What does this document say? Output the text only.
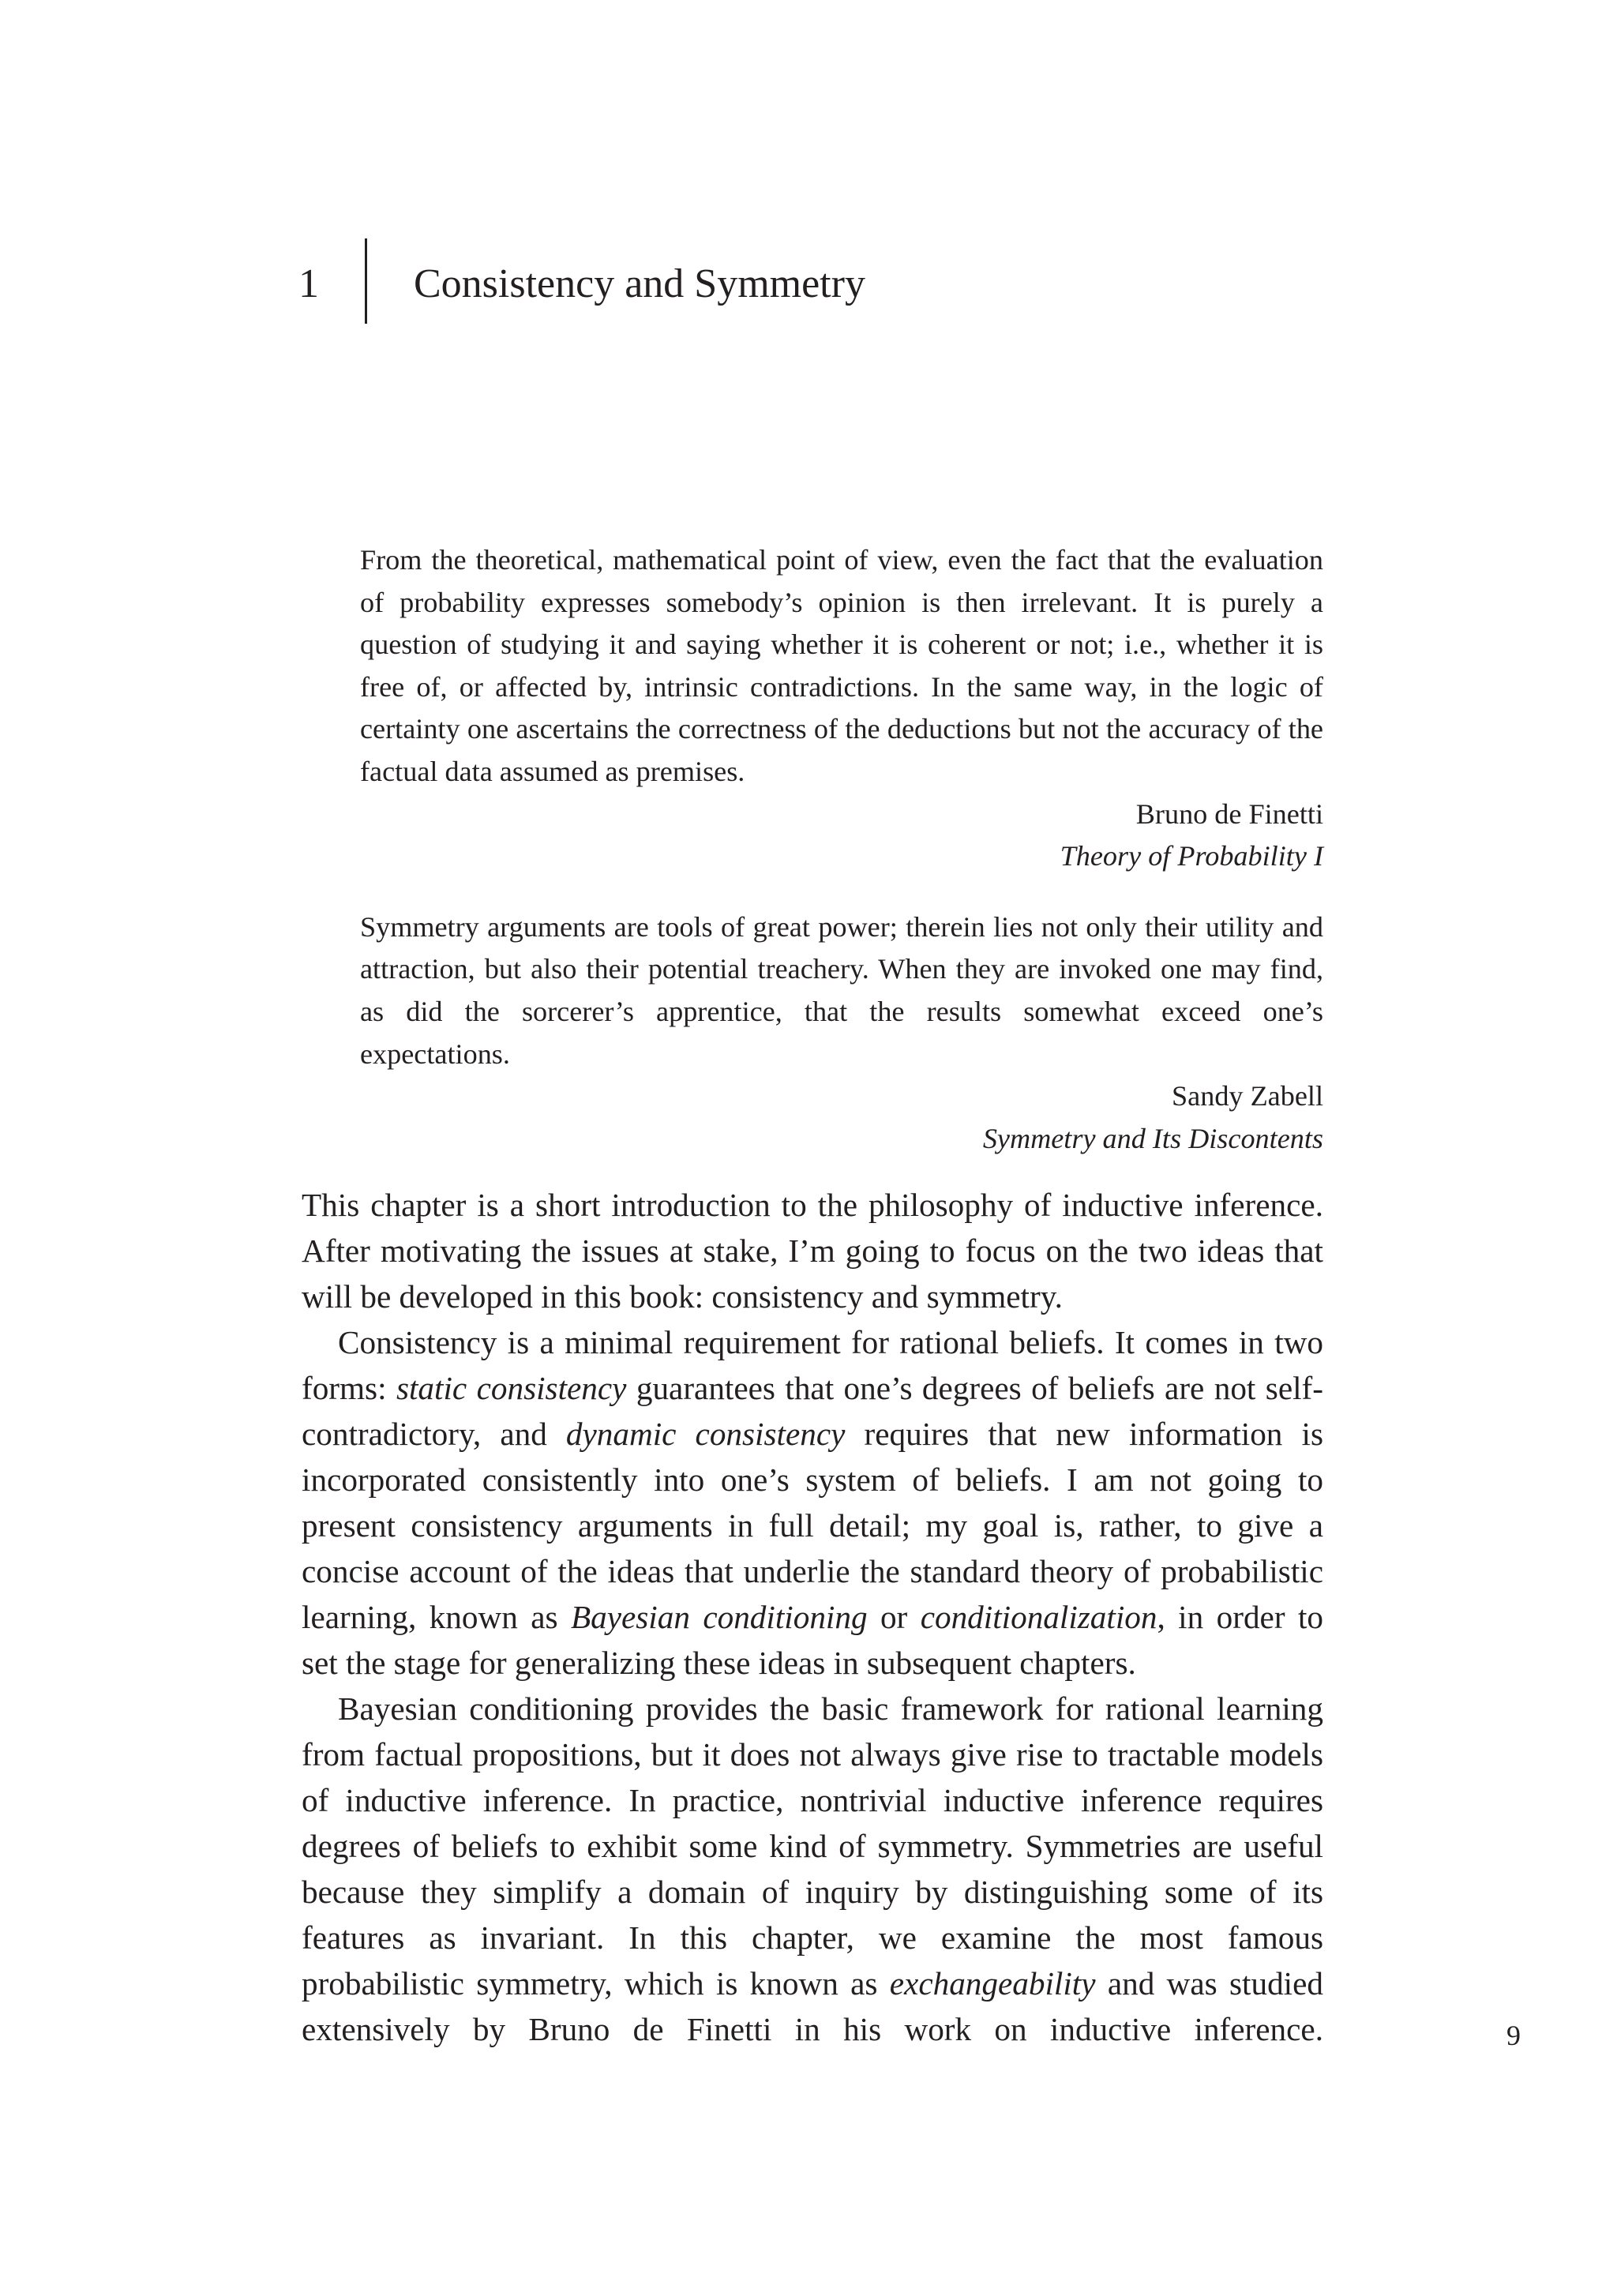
1 Consistency and Symmetry

From the theoretical, mathematical point of view, even the fact that the evaluation of probability expresses somebody’s opinion is then irrelevant. It is purely a question of studying it and saying whether it is coherent or not; i.e., whether it is free of, or affected by, intrinsic contradictions. In the same way, in the logic of certainty one ascertains the correctness of the deductions but not the accuracy of the factual data assumed as premises.

Bruno de Finetti
Theory of Probability I

Symmetry arguments are tools of great power; therein lies not only their utility and attraction, but also their potential treachery. When they are invoked one may find, as did the sorcerer’s apprentice, that the results somewhat exceed one’s expectations.

Sandy Zabell
Symmetry and Its Discontents

This chapter is a short introduction to the philosophy of inductive inference. After motivating the issues at stake, I’m going to focus on the two ideas that will be developed in this book: consistency and symmetry.

Consistency is a minimal requirement for rational beliefs. It comes in two forms: static consistency guarantees that one’s degrees of beliefs are not self-contradictory, and dynamic consistency requires that new information is incorporated consistently into one’s system of beliefs. I am not going to present consistency arguments in full detail; my goal is, rather, to give a concise account of the ideas that underlie the standard theory of probabilistic learning, known as Bayesian conditioning or conditionalization, in order to set the stage for generalizing these ideas in subsequent chapters.

Bayesian conditioning provides the basic framework for rational learning from factual propositions, but it does not always give rise to tractable models of inductive inference. In practice, nontrivial inductive inference requires degrees of beliefs to exhibit some kind of symmetry. Symmetries are useful because they simplify a domain of inquiry by distinguishing some of its features as invariant. In this chapter, we examine the most famous probabilistic symmetry, which is known as exchangeability and was studied extensively by Bruno de Finetti in his work on inductive inference.	9
